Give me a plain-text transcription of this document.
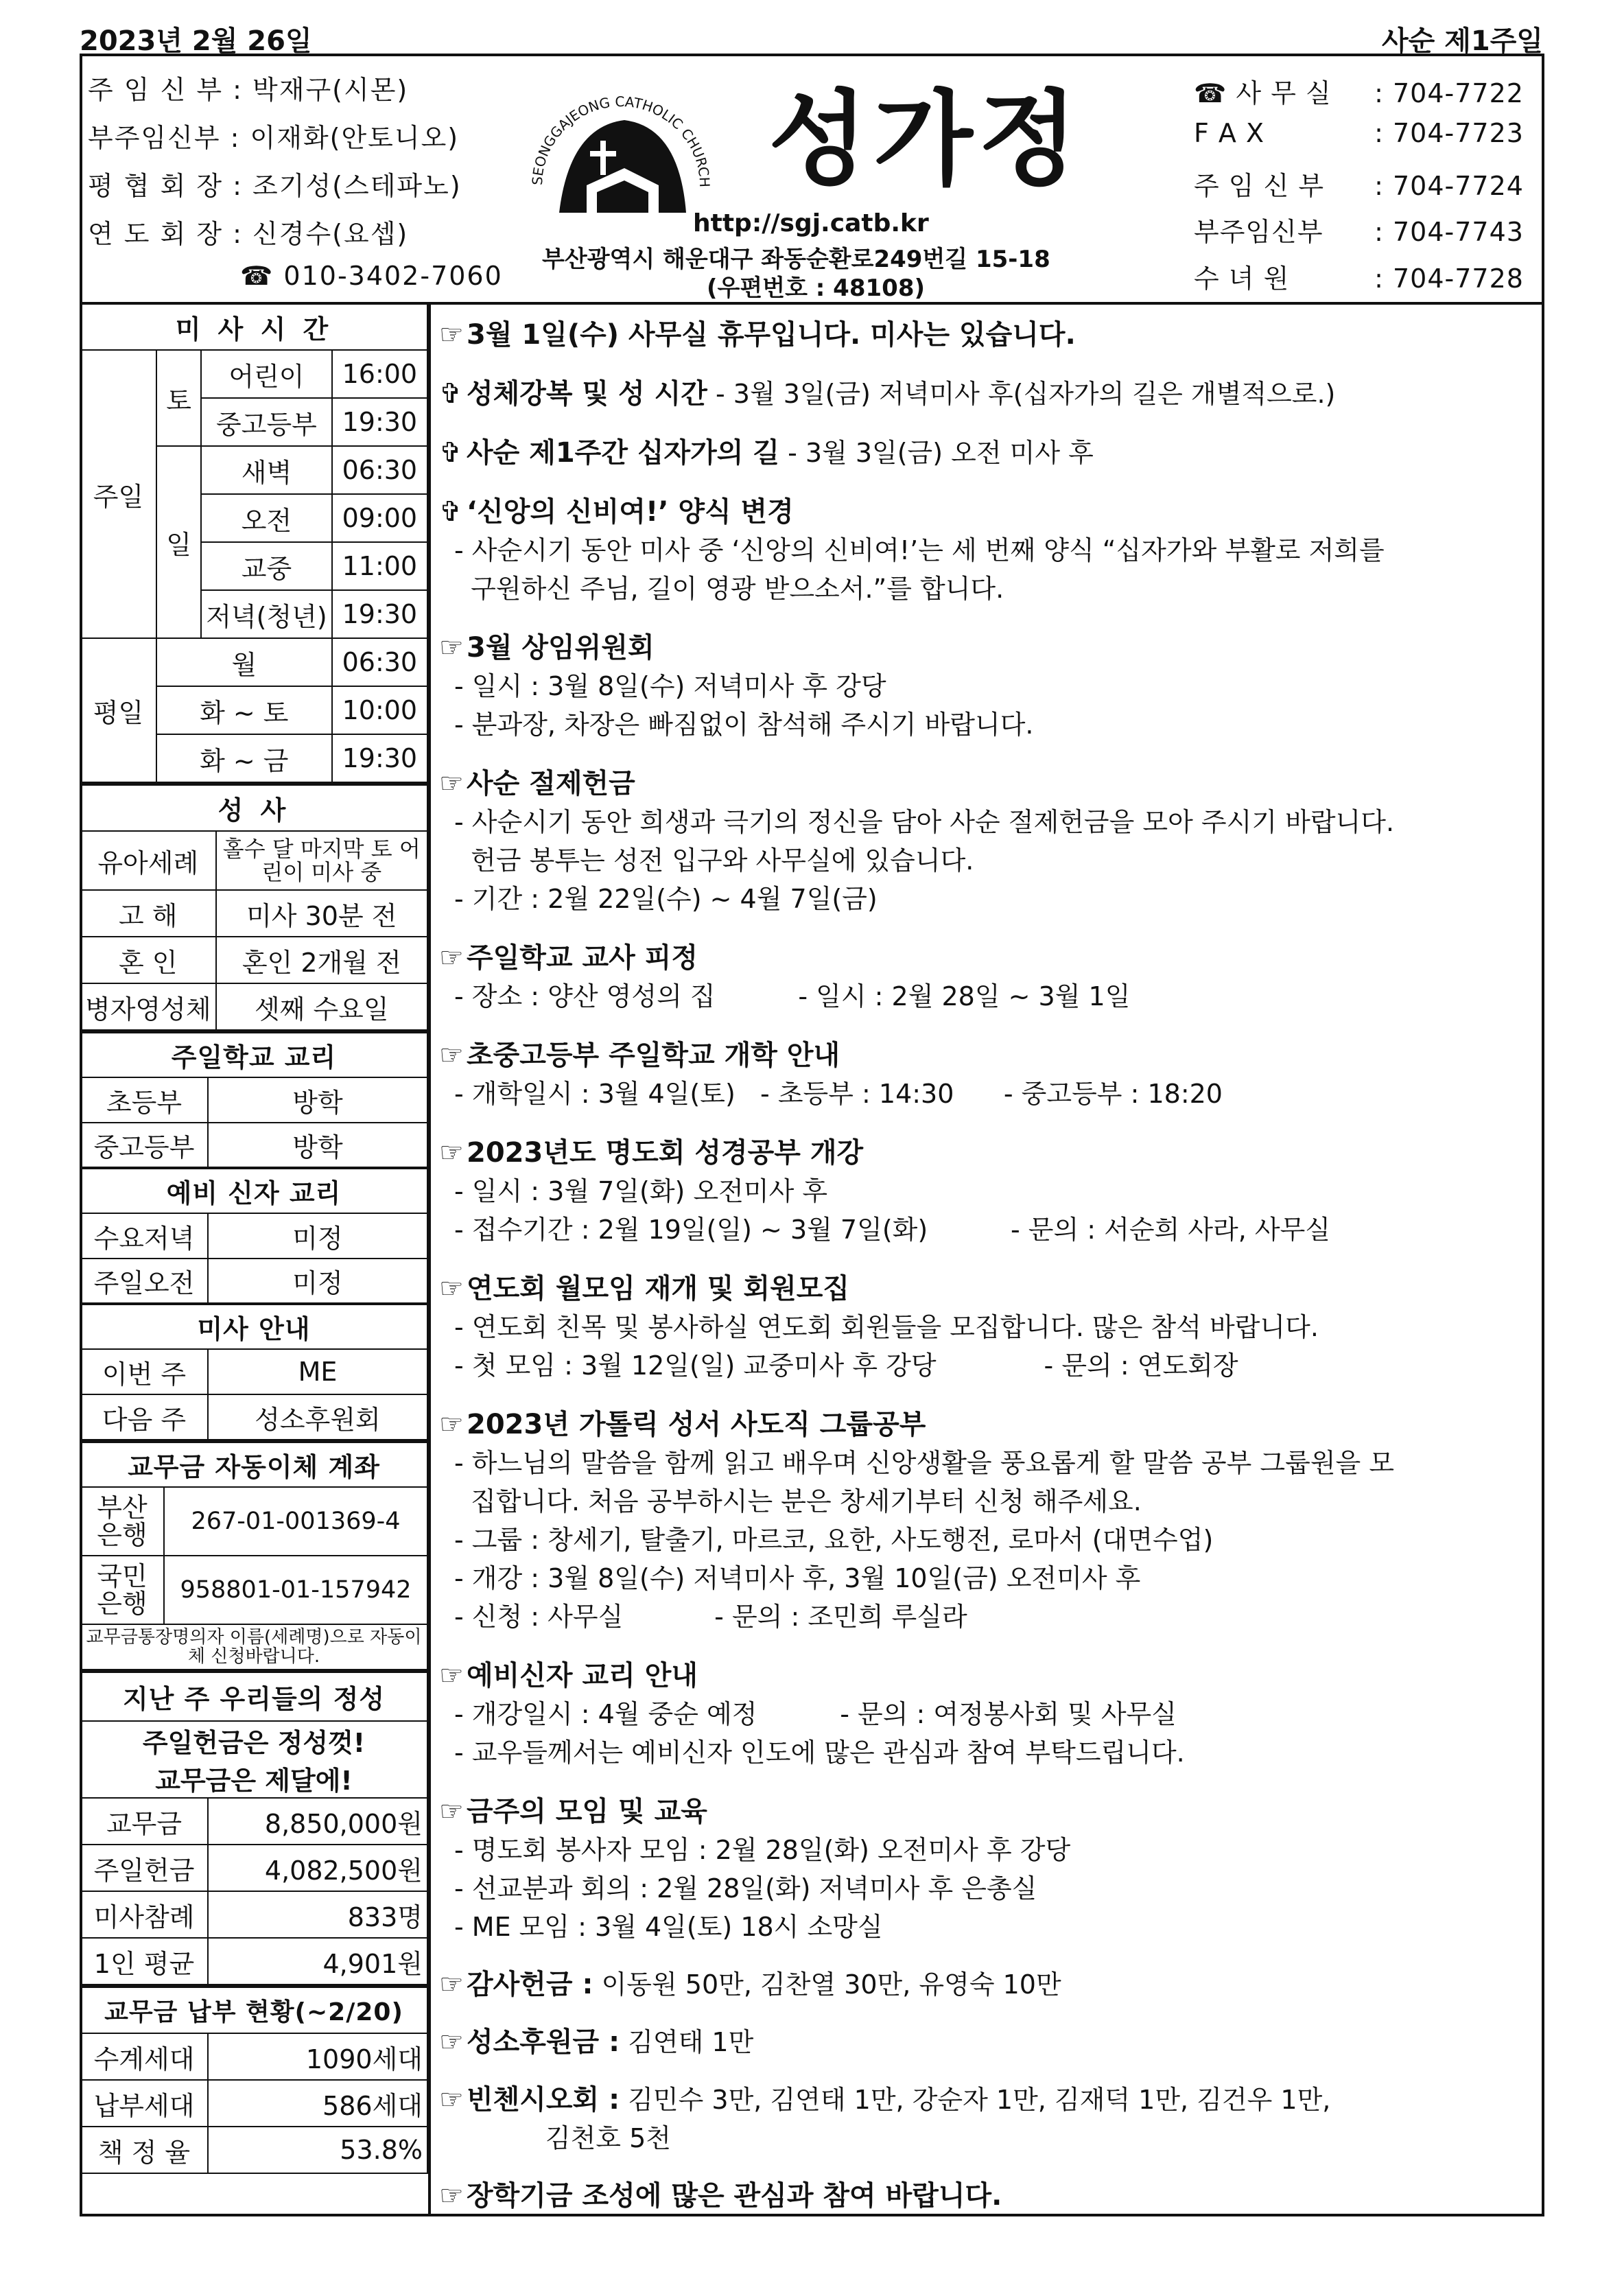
2023년 2월 26일	사순 제1주일
주 임 신 부 : 박재구(시몬)
부주임신부 : 이재화(안토니오)
평 협 회 장 : 조기성(스테파노)
연 도 회 장 : 신경수(요셉)
☎ 010-3402-7060
SEONGGAJEONG CATHOLIC CHURCH 성가정
http://sgj.catb.kr
부산광역시 해운대구 좌동순환로249번길 15-18
(우편번호 : 48108)
☎ 사 무 실 : 704-7722
F A X	: 704-7723
주 임 신 부 : 704-7724
부주임신부 : 704-7743
수 녀 원	: 704-7728
미 사 시 간			
주일	토	어린이	16:00
		중고등부	19:30
	일	새벽	06:30
		오전	09:00
		교중	11:00
		저녁(청년)	19:30
평일	월		06:30
	화 ~ 토		10:00
	화 ~ 금		19:30
성 사	
유아세례	홀수 달 마지막 토 어린이 미사 중
고 해	미사 30분 전
혼 인	혼인 2개월 전
병자영성체	셋째 수요일
주일학교 교리	
초등부	방학
중고등부	방학
예비 신자 교리	
수요저녁	미정
주일오전	미정
미사 안내	
이번 주	ME
다음 주	성소후원회
교무금 자동이체 계좌	
부산 은행	267-01-001369-4
국민 은행	958801-01-157942
교무금통장명의자 이름(세례명)으로 자동이체 신청바랍니다.	
지난 주 우리들의 정성	
주일헌금은 정성껏!	
교무금은 제달에!	
교무금	8,850,000원
주일헌금	4,082,500원
미사참례	833명
1인 평균	4,901원
교무금 납부 현황(~2/20)	
수계세대	1090세대
납부세대	586세대
책 정 율	53.8%
☞ 3월 1일(수) 사무실 휴무입니다. 미사는 있습니다.
✞ 성체강복 및 성 시간 - 3월 3일(금) 저녁미사 후(십자가의 길은 개별적으로.)
✞ 사순 제1주간 십자가의 길 - 3월 3일(금) 오전 미사 후
✞ ‘신앙의 신비여!’ 양식 변경
- 사순시기 동안 미사 중 ‘신앙의 신비여!’는 세 번째 양식 “십자가와 부활로 저희를
구원하신 주님, 길이 영광 받으소서.”를 합니다.
☞ 3월 상임위원회
- 일시 : 3월 8일(수) 저녁미사 후 강당
- 분과장, 차장은 빠짐없이 참석해 주시기 바랍니다.
☞ 사순 절제헌금
- 사순시기 동안 희생과 극기의 정신을 담아 사순 절제헌금을 모아 주시기 바랍니다.
헌금 봉투는 성전 입구와 사무실에 있습니다.
- 기간 : 2월 22일(수) ~ 4월 7일(금)
☞ 주일학교 교사 피정
- 장소 : 양산 영성의 집          - 일시 : 2월 28일 ~ 3월 1일
☞ 초중고등부 주일학교 개학 안내
- 개학일시 : 3월 4일(토)   - 초등부 : 14:30      - 중고등부 : 18:20
☞ 2023년도 명도회 성경공부 개강
- 일시 : 3월 7일(화) 오전미사 후
- 접수기간 : 2월 19일(일) ~ 3월 7일(화)          - 문의 : 서순희 사라, 사무실
☞ 연도회 월모임 재개 및 회원모집
- 연도회 친목 및 봉사하실 연도회 회원들을 모집합니다. 많은 참석 바랍니다.
- 첫 모임 : 3월 12일(일) 교중미사 후 강당             - 문의 : 연도회장
☞ 2023년 가톨릭 성서 사도직 그룹공부
- 하느님의 말씀을 함께 읽고 배우며 신앙생활을 풍요롭게 할 말씀 공부 그룹원을 모
집합니다. 처음 공부하시는 분은 창세기부터 신청 해주세요.
- 그룹 : 창세기, 탈출기, 마르코, 요한, 사도행전, 로마서 (대면수업)
- 개강 : 3월 8일(수) 저녁미사 후, 3월 10일(금) 오전미사 후
- 신청 : 사무실           - 문의 : 조민희 루실라
☞ 예비신자 교리 안내
- 개강일시 : 4월 중순 예정          - 문의 : 여정봉사회 및 사무실
- 교우들께서는 예비신자 인도에 많은 관심과 참여 부탁드립니다.
☞ 금주의 모임 및 교육
- 명도회 봉사자 모임 : 2월 28일(화) 오전미사 후 강당
- 선교분과 회의 : 2월 28일(화) 저녁미사 후 은총실
- ME 모임 : 3월 4일(토) 18시 소망실
☞ 감사헌금 : 이동원 50만, 김찬열 30만, 유영숙 10만
☞ 성소후원금 : 김연태 1만
☞ 빈첸시오회 : 김민수 3만, 김연태 1만, 강순자 1만, 김재덕 1만, 김건우 1만,
김천호 5천
☞ 장학기금 조성에 많은 관심과 참여 바랍니다.
